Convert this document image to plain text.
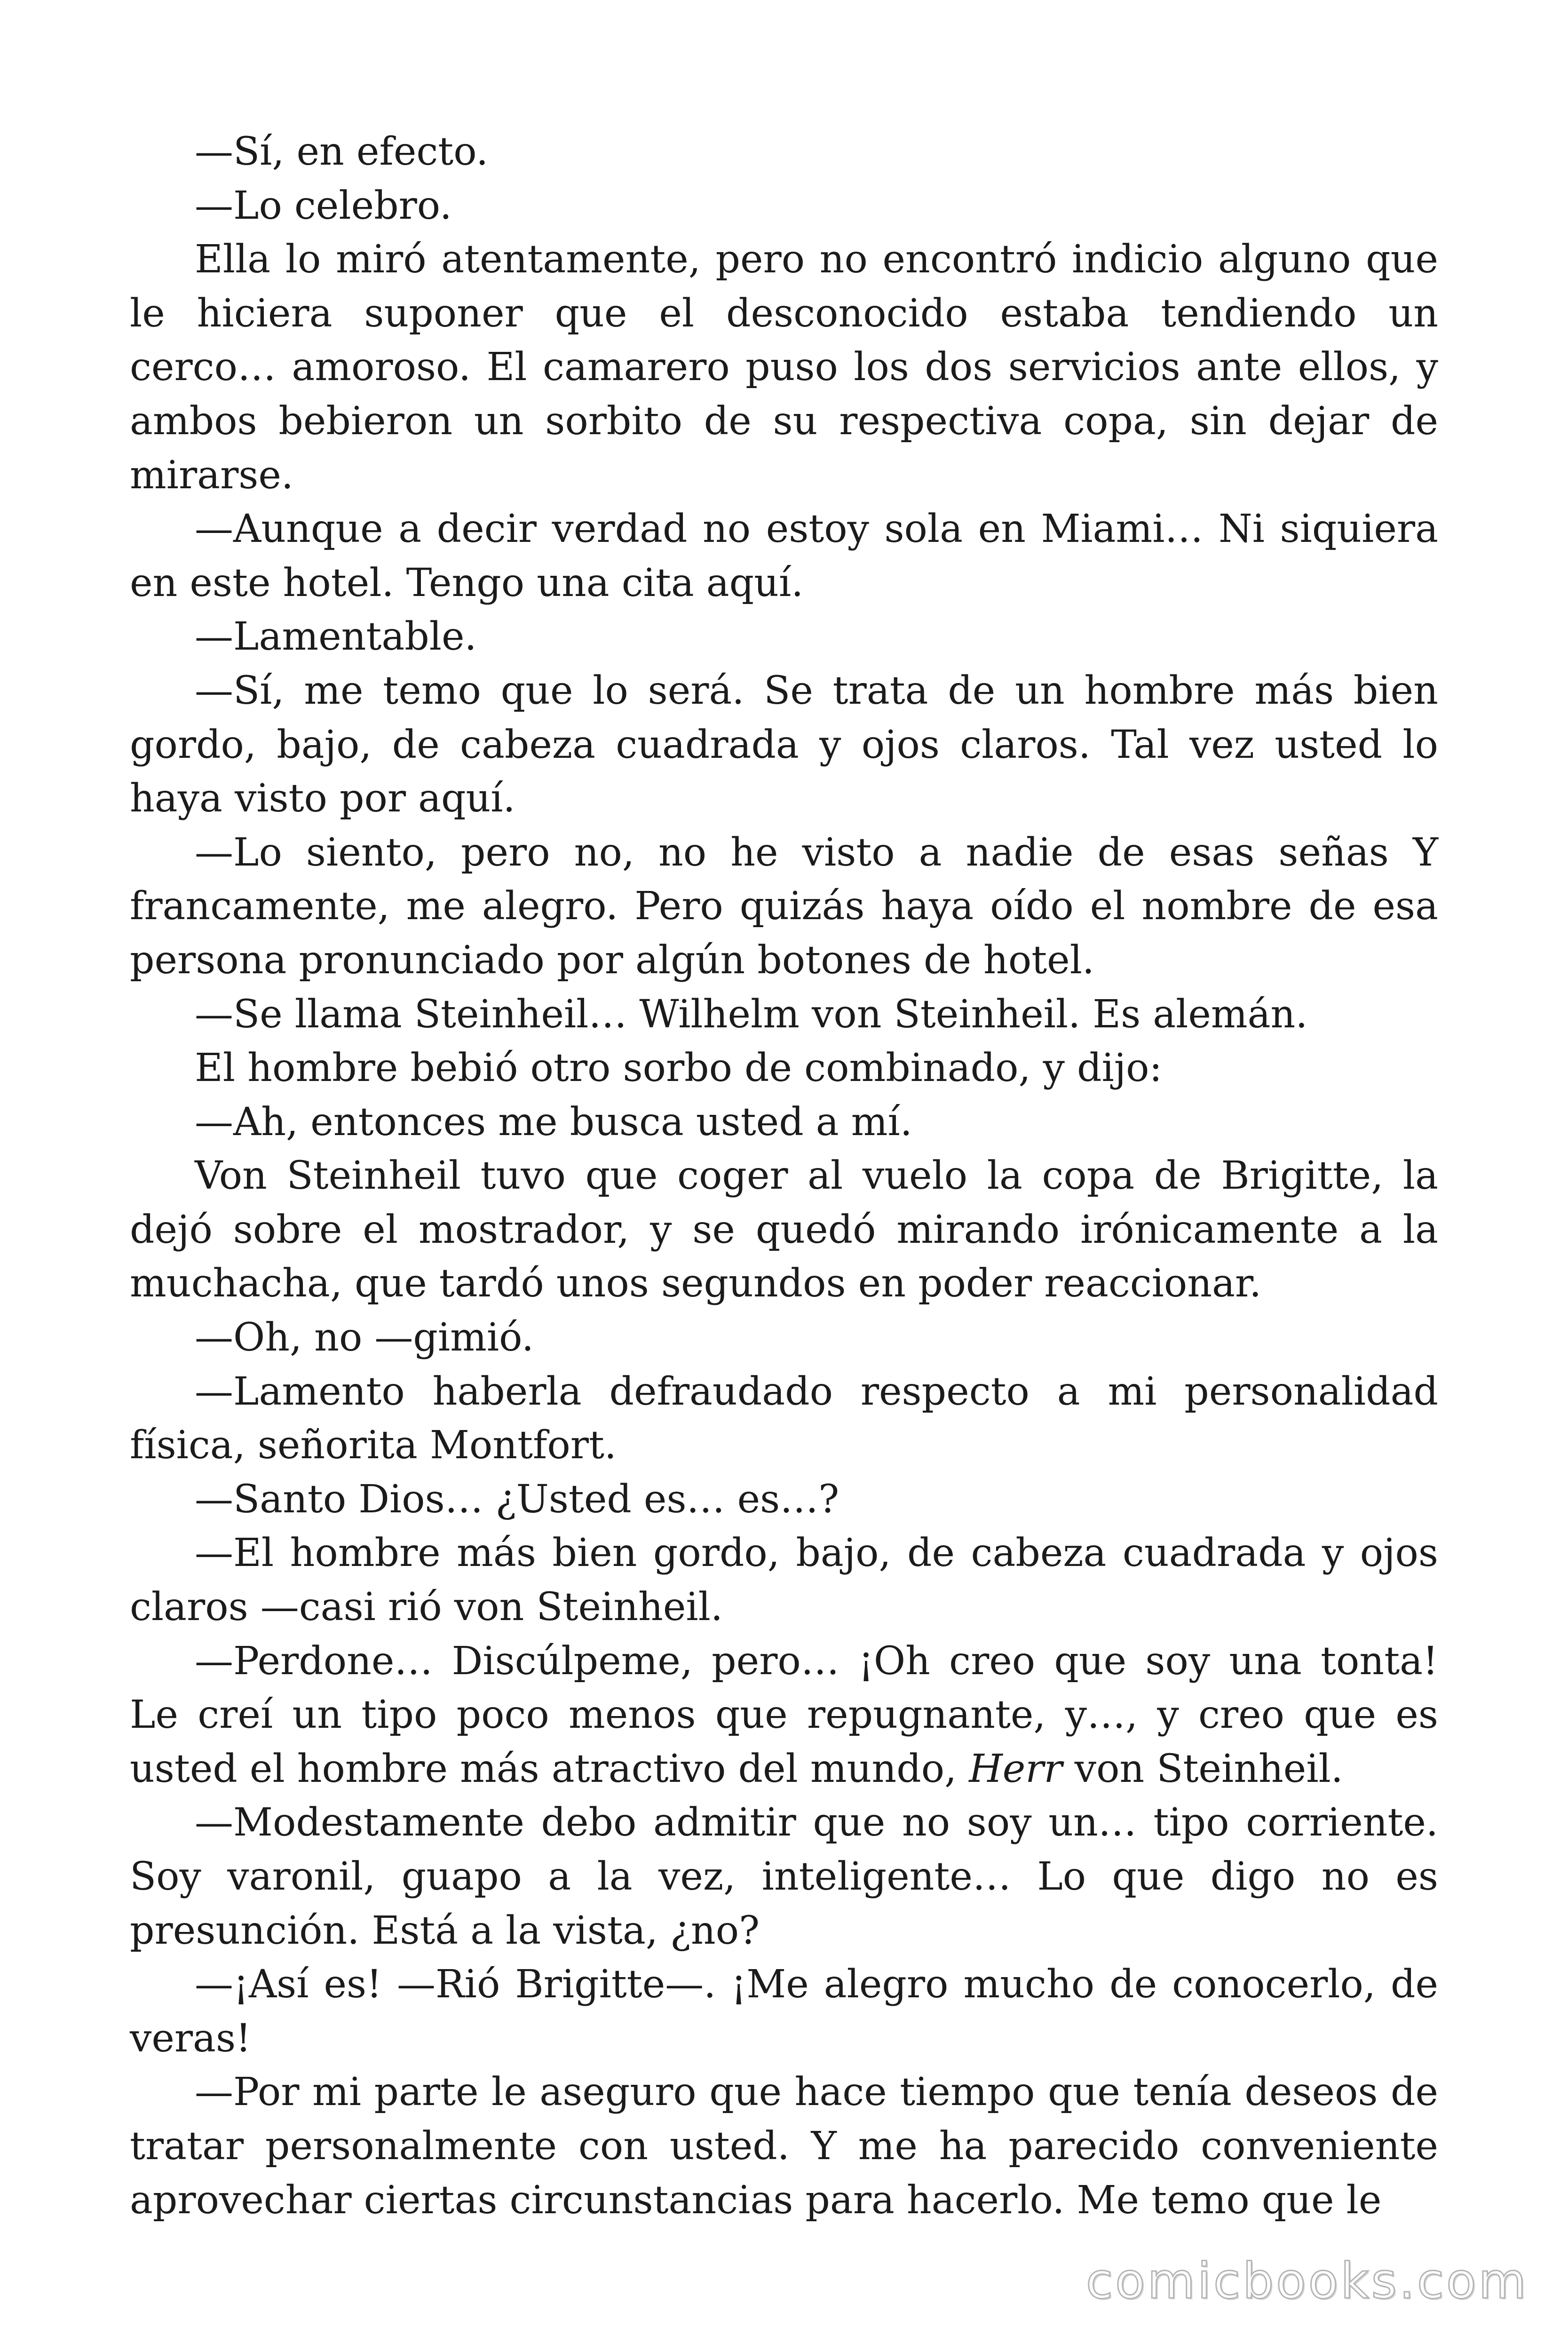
—Sí, en efecto.

—Lo celebro.

Ella lo miró atentamente, pero no encontró indicio alguno que le hiciera suponer que el desconocido estaba tendiendo un cerco… amoroso. El camarero puso los dos servicios ante ellos, y ambos bebieron un sorbito de su respectiva copa, sin dejar de mirarse.

—Aunque a decir verdad no estoy sola en Miami… Ni siquiera en este hotel. Tengo una cita aquí.

—Lamentable.

—Sí, me temo que lo será. Se trata de un hombre más bien gordo, bajo, de cabeza cuadrada y ojos claros. Tal vez usted lo haya visto por aquí.

—Lo siento, pero no, no he visto a nadie de esas señas Y francamente, me alegro. Pero quizás haya oído el nombre de esa persona pronunciado por algún botones de hotel.

—Se llama Steinheil… Wilhelm von Steinheil. Es alemán.

El hombre bebió otro sorbo de combinado, y dijo:

—Ah, entonces me busca usted a mí.

Von Steinheil tuvo que coger al vuelo la copa de Brigitte, la dejó sobre el mostrador, y se quedó mirando irónicamente a la muchacha, que tardó unos segundos en poder reaccionar.

—Oh, no —gimió.

—Lamento haberla defraudado respecto a mi personalidad física, señorita Montfort.

—Santo Dios… ¿Usted es… es…?

—El hombre más bien gordo, bajo, de cabeza cuadrada y ojos claros —casi rió von Steinheil.

—Perdone… Discúlpeme, pero… ¡Oh creo que soy una tonta! Le creí un tipo poco menos que repugnante, y…, y creo que es usted el hombre más atractivo del mundo, Herr von Steinheil.

—Modestamente debo admitir que no soy un… tipo corriente. Soy varonil, guapo a la vez, inteligente… Lo que digo no es presunción. Está a la vista, ¿no?

—¡Así es! —Rió Brigitte—. ¡Me alegro mucho de conocerlo, de veras!

—Por mi parte le aseguro que hace tiempo que tenía deseos de tratar personalmente con usted. Y me ha parecido conveniente aprovechar ciertas circunstancias para hacerlo. Me temo que le

comicbooks.com
